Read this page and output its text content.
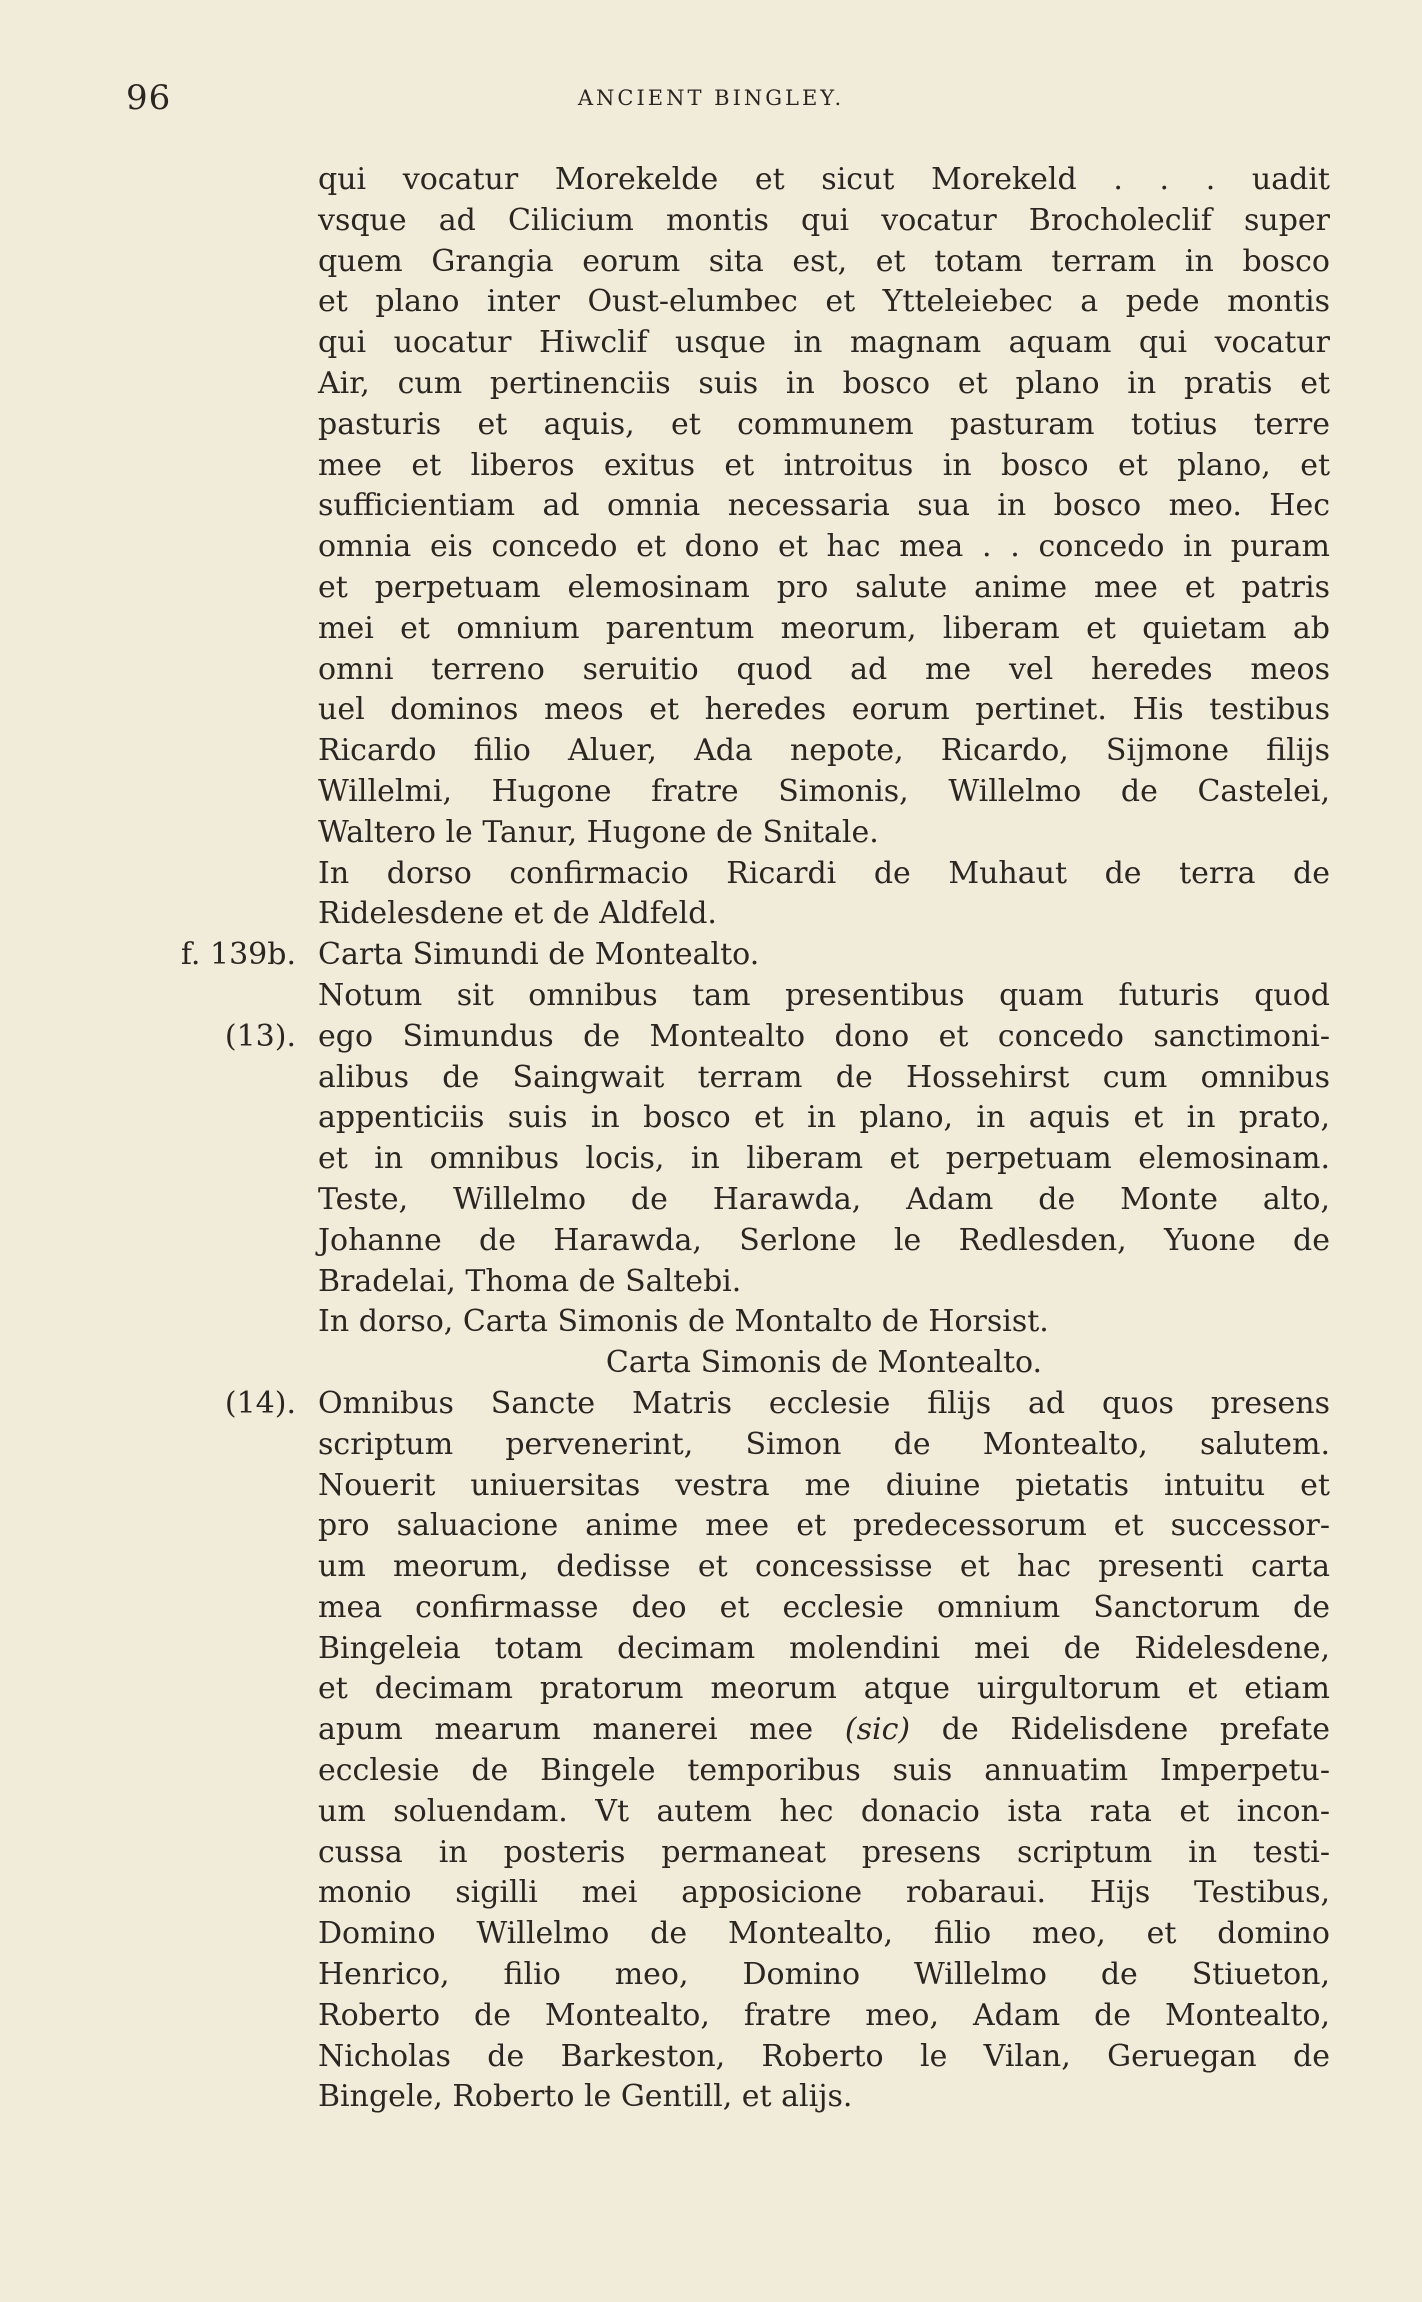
96	ANCIENT BINGLEY.
qui vocatur Morekelde et sicut Morekeld . . . uadit
vsque ad Cilicium montis qui vocatur Brocholeclif super
quem Grangia eorum sita est, et totam terram in bosco
et plano inter Oust-elumbec et Ytteleiebec a pede montis
qui uocatur Hiwclif usque in magnam aquam qui vocatur
Air, cum pertinenciis suis in bosco et plano in pratis et
pasturis et aquis, et communem pasturam totius terre
mee et liberos exitus et introitus in bosco et plano, et
sufficientiam ad omnia necessaria sua in bosco meo. Hec
omnia eis concedo et dono et hac mea . . concedo in puram
et perpetuam elemosinam pro salute anime mee et patris
mei et omnium parentum meorum, liberam et quietam ab
omni terreno seruitio quod ad me vel heredes meos
uel dominos meos et heredes eorum pertinet. His testibus
Ricardo filio Aluer, Ada nepote, Ricardo, Sijmone filijs
Willelmi, Hugone fratre Simonis, Willelmo de Castelei,
Waltero le Tanur, Hugone de Snitale.
In dorso confirmacio Ricardi de Muhaut de terra de
Ridelesdene et de Aldfeld.
f. 139b. Carta Simundi de Montealto.
Notum sit omnibus tam presentibus quam futuris quod
(13). ego Simundus de Montealto dono et concedo sanctimoni-
alibus de Saingwait terram de Hossehirst cum omnibus
appenticiis suis in bosco et in plano, in aquis et in prato,
et in omnibus locis, in liberam et perpetuam elemosinam.
Teste, Willelmo de Harawda, Adam de Monte alto,
Johanne de Harawda, Serlone le Redlesden, Yuone de
Bradelai, Thoma de Saltebi.
In dorso, Carta Simonis de Montalto de Horsist.
Carta Simonis de Montealto.
(14). Omnibus Sancte Matris ecclesie filijs ad quos presens
scriptum pervenerint, Simon de Montealto, salutem.
Nouerit uniuersitas vestra me diuine pietatis intuitu et
pro saluacione anime mee et predecessorum et successor-
um meorum, dedisse et concessisse et hac presenti carta
mea confirmasse deo et ecclesie omnium Sanctorum de
Bingeleia totam decimam molendini mei de Ridelesdene,
et decimam pratorum meorum atque uirgultorum et etiam
apum mearum manerei mee (sic) de Ridelisdene prefate
ecclesie de Bingele temporibus suis annuatim Imperpetu-
um soluendam. Vt autem hec donacio ista rata et incon-
cussa in posteris permaneat presens scriptum in testi-
monio sigilli mei apposicione robaraui. Hijs Testibus,
Domino Willelmo de Montealto, filio meo, et domino
Henrico, filio meo, Domino Willelmo de Stiueton,
Roberto de Montealto, fratre meo, Adam de Montealto,
Nicholas de Barkeston, Roberto le Vilan, Geruegan de
Bingele, Roberto le Gentill, et alijs.
